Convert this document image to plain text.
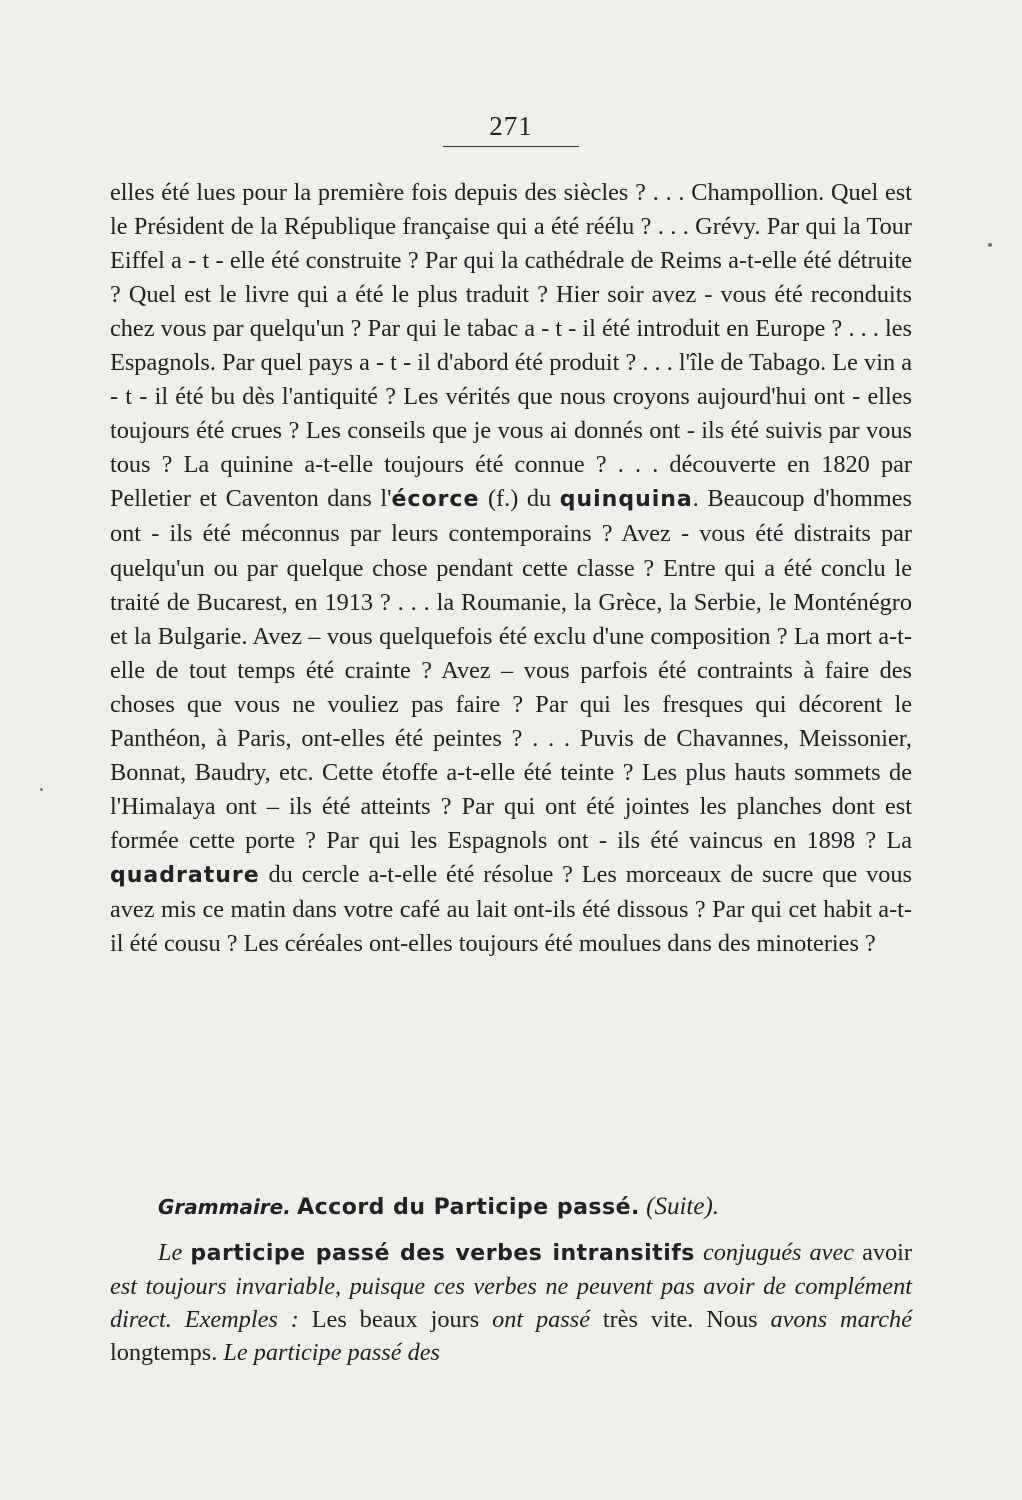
271
elles été lues pour la première fois depuis des siècles ? . . . Champollion. Quel est le Président de la République française qui a été réélu ? . . . Grévy. Par qui la Tour Eiffel a - t - elle été construite ? Par qui la cathédrale de Reims a-t-elle été détruite ? Quel est le livre qui a été le plus traduit ? Hier soir avez - vous été reconduits chez vous par quelqu'un ? Par qui le tabac a - t - il été introduit en Europe ? . . . les Espagnols. Par quel pays a - t - il d'abord été produit ? . . . l'île de Tabago. Le vin a - t - il été bu dès l'antiquité ? Les vérités que nous croyons aujourd'hui ont - elles toujours été crues ? Les conseils que je vous ai donnés ont - ils été suivis par vous tous ? La quinine a-t-elle toujours été connue ? . . . découverte en 1820 par Pelletier et Caventon dans l'écorce (f.) du quinquina. Beaucoup d'hommes ont - ils été méconnus par leurs contemporains ? Avez - vous été distraits par quelqu'un ou par quelque chose pendant cette classe ? Entre qui a été conclu le traité de Bucarest, en 1913 ? . . . la Roumanie, la Grèce, la Serbie, le Monténégro et la Bulgarie. Avez – vous quelquefois été exclu d'une composition ? La mort a-t-elle de tout temps été crainte ? Avez – vous parfois été contraints à faire des choses que vous ne vouliez pas faire ? Par qui les fresques qui décorent le Panthéon, à Paris, ont-elles été peintes ? . . . Puvis de Chavannes, Meissonier, Bonnat, Baudry, etc. Cette étoffe a-t-elle été teinte ? Les plus hauts sommets de l'Himalaya ont – ils été atteints ? Par qui ont été jointes les planches dont est formée cette porte ? Par qui les Espagnols ont - ils été vaincus en 1898 ? La quadrature du cercle a-t-elle été résolue ? Les morceaux de sucre que vous avez mis ce matin dans votre café au lait ont-ils été dissous ? Par qui cet habit a-t-il été cousu ? Les céréales ont-elles toujours été moulues dans des minoteries ?
Grammaire. Accord du Participe passé. (Suite).
Le participe passé des verbes intransitifs conjugués avec avoir est toujours invariable, puisque ces verbes ne peuvent pas avoir de complément direct. Exemples : Les beaux jours ont passé très vite. Nous avons marché longtemps. Le participe passé des
